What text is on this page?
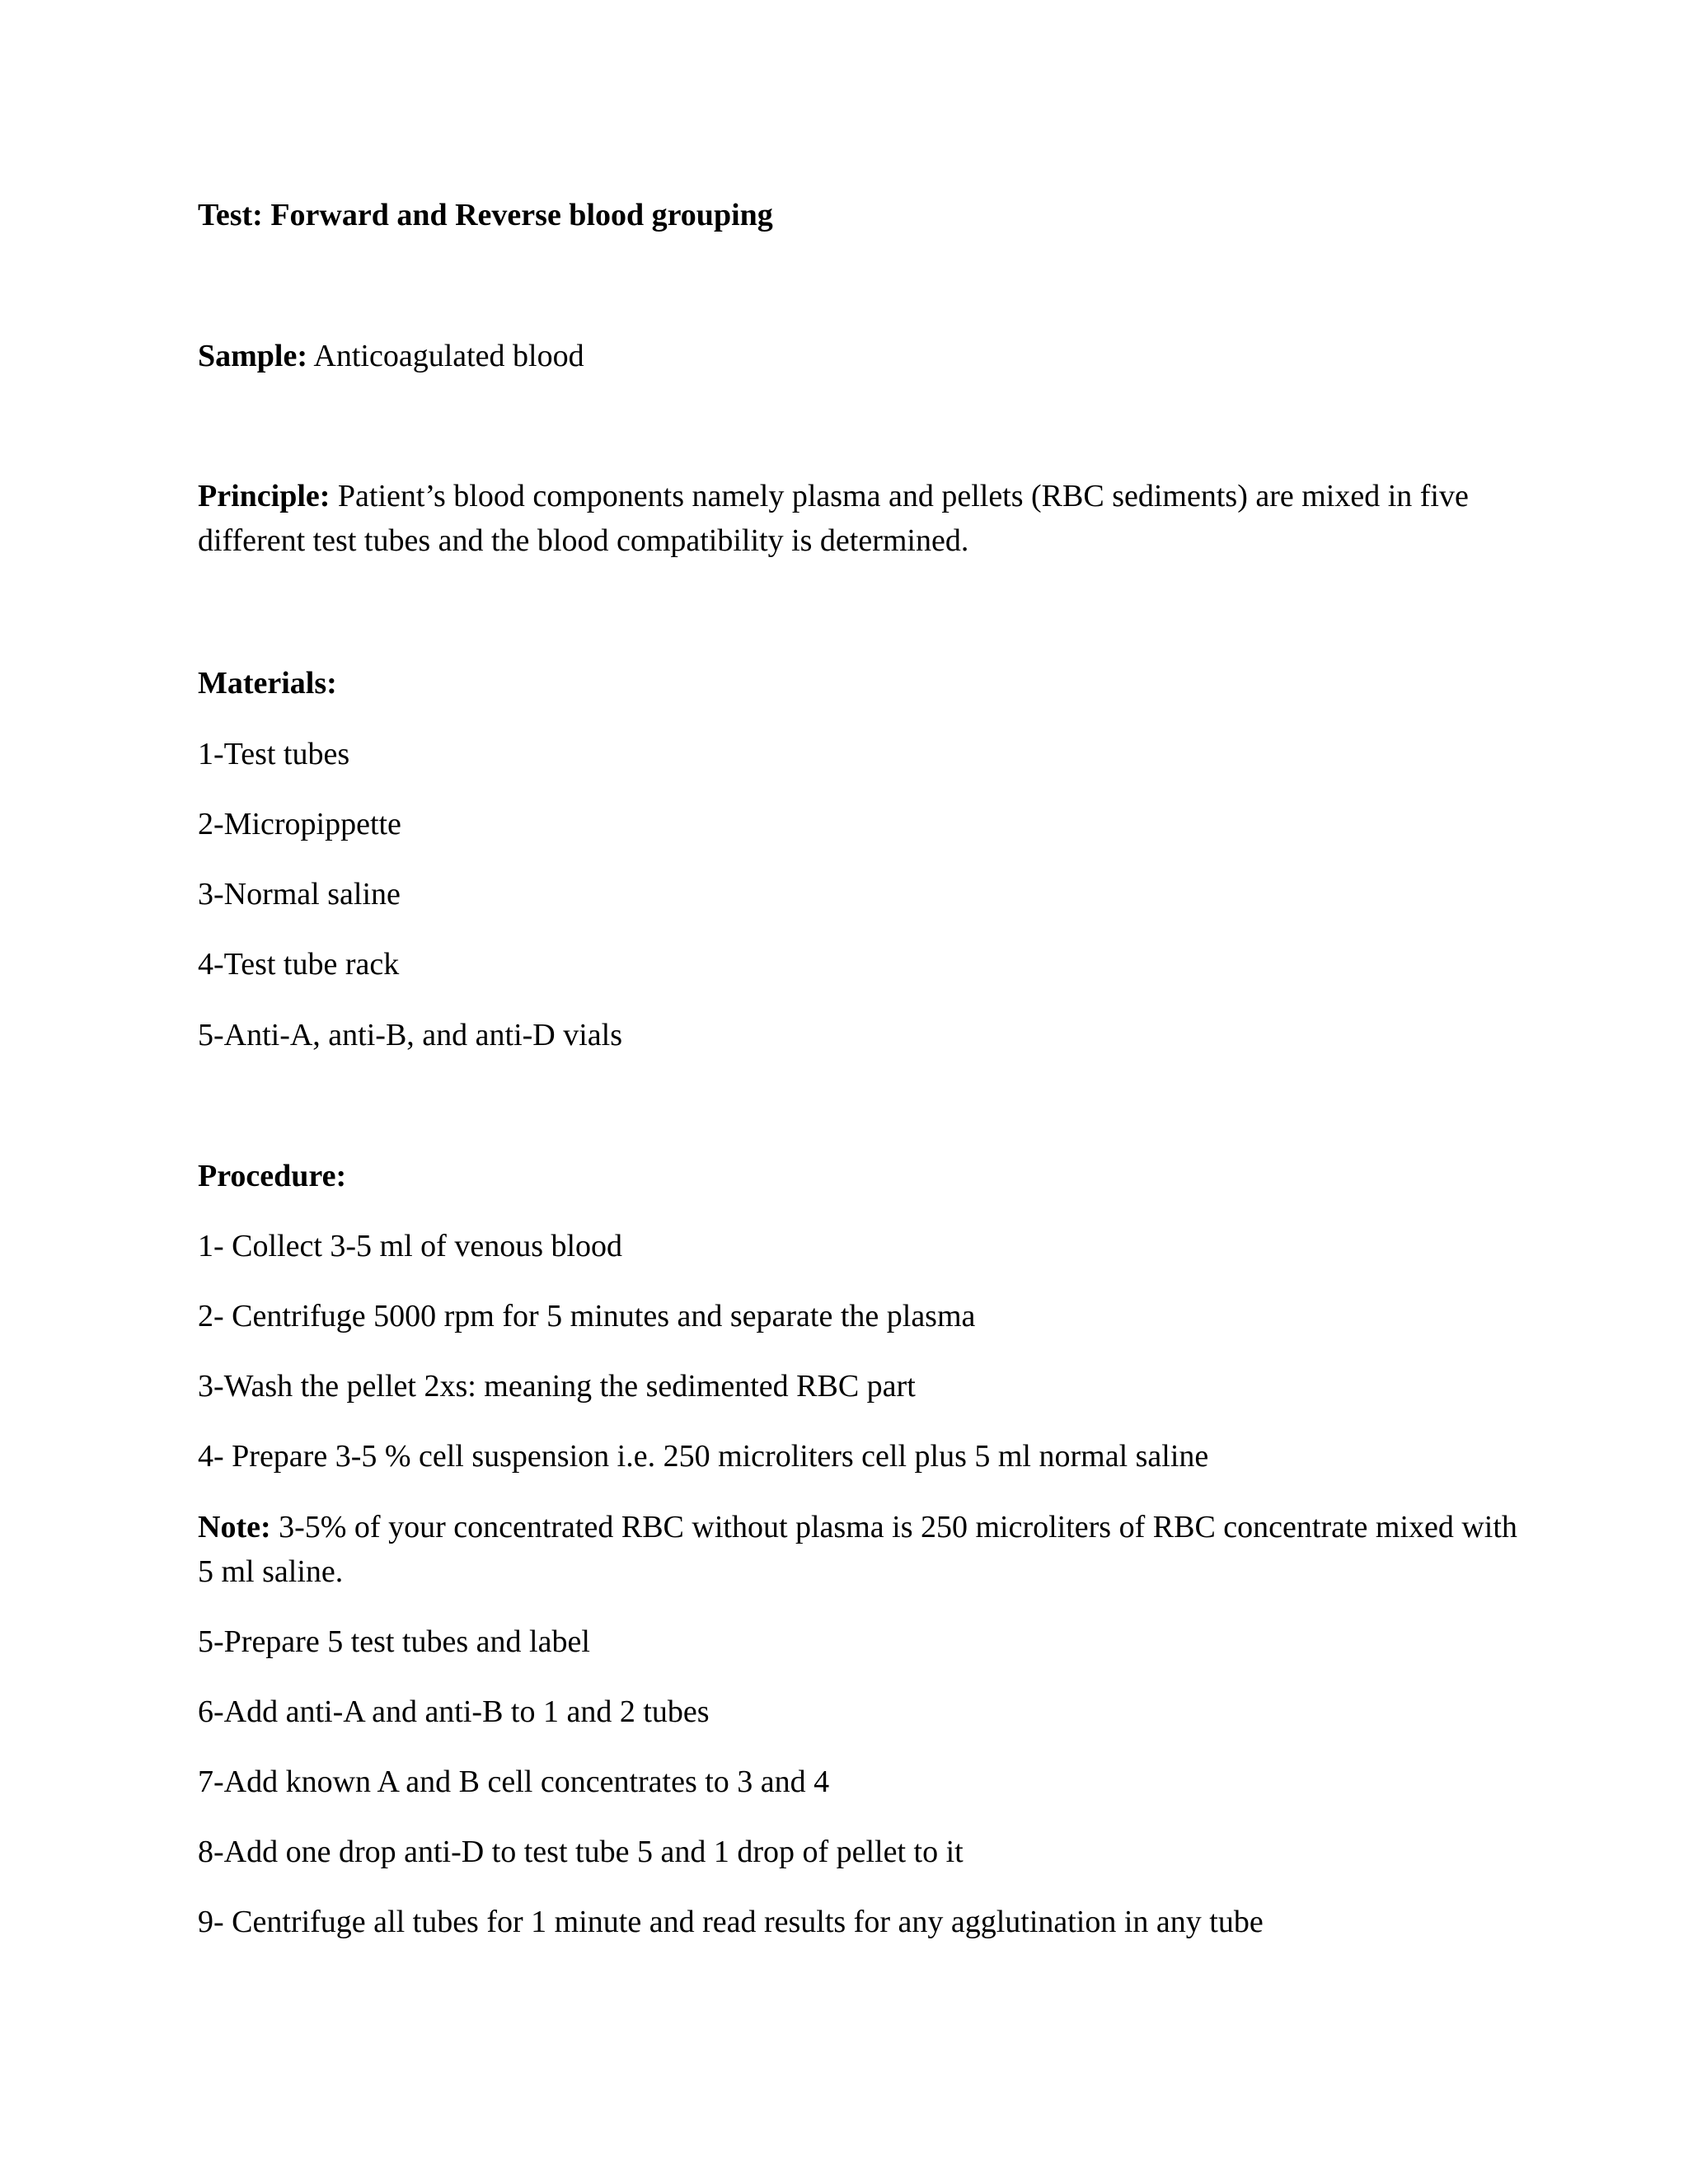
Test: Forward and Reverse blood grouping
Sample: Anticoagulated blood
Principle: Patient’s blood components namely plasma and pellets (RBC sediments) are mixed in five different test tubes and the blood compatibility is determined.
Materials:
1-Test tubes
2-Micropippette
3-Normal saline
4-Test tube rack
5-Anti-A, anti-B, and anti-D vials
Procedure:
1- Collect 3-5 ml of venous blood
2- Centrifuge 5000 rpm for 5 minutes and separate the plasma
3-Wash the pellet 2xs: meaning the sedimented RBC part
4- Prepare 3-5 % cell suspension i.e. 250 microliters cell plus 5 ml normal saline
Note: 3-5% of your concentrated RBC without plasma is 250 microliters of RBC concentrate mixed with 5 ml saline.
5-Prepare 5 test tubes and label
6-Add anti-A and anti-B to 1 and 2 tubes
7-Add known A and B cell concentrates to 3 and 4
8-Add one drop anti-D to test tube 5 and 1 drop of pellet to it
9- Centrifuge all tubes for 1 minute and read results for any agglutination in any tube
